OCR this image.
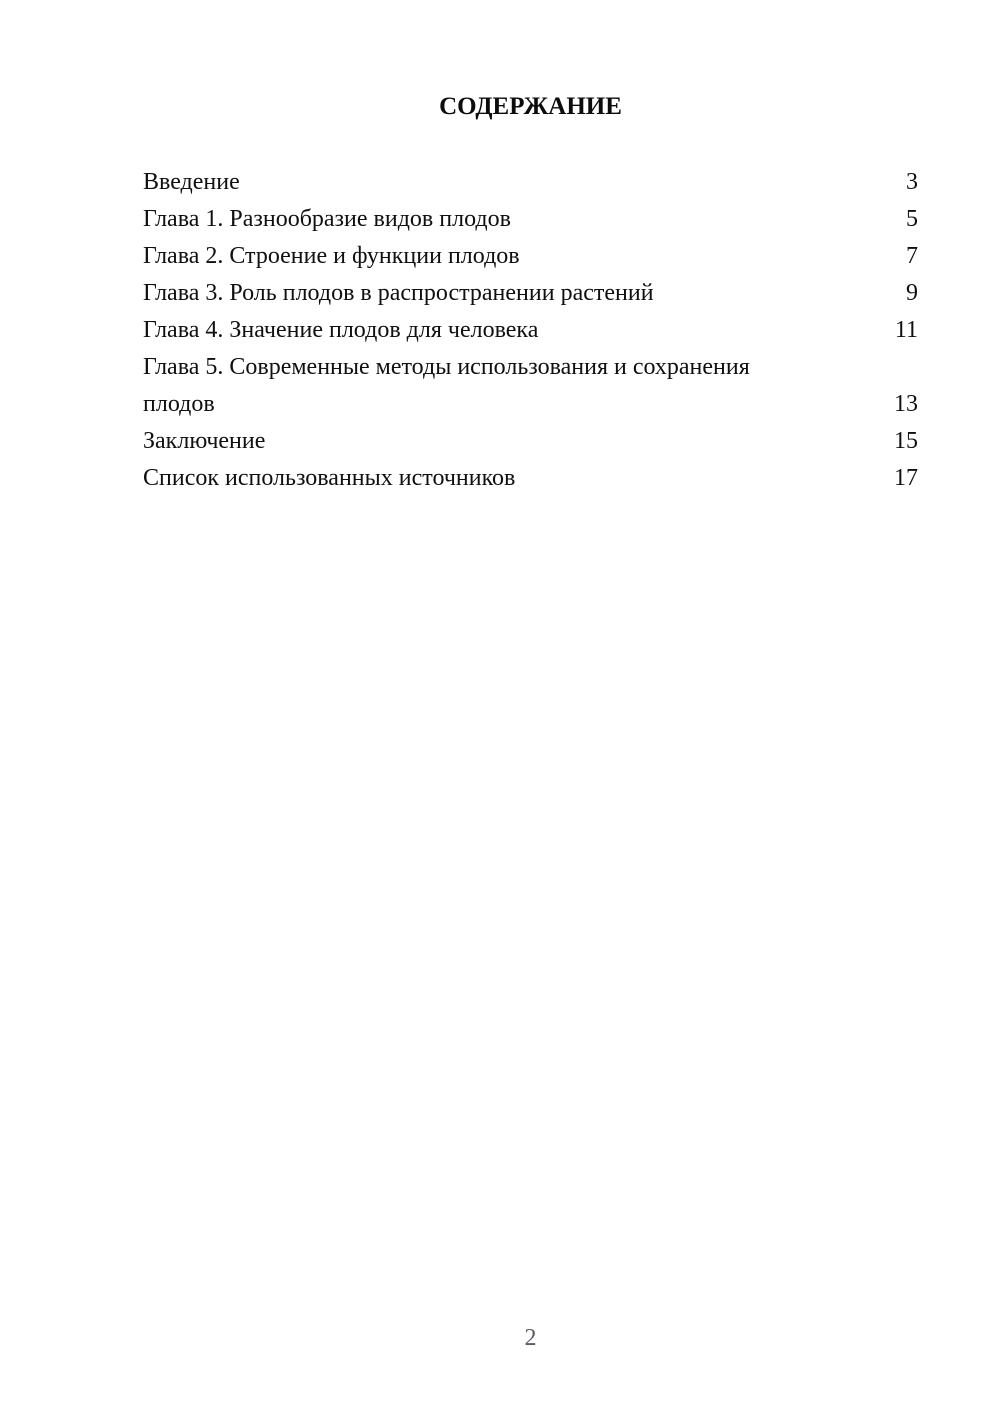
СОДЕРЖАНИЕ
Введение	3
Глава 1. Разнообразие видов плодов	5
Глава 2. Строение и функции плодов	7
Глава 3. Роль плодов в распространении растений	9
Глава 4. Значение плодов для человека	11
Глава 5. Современные методы использования и сохранения плодов	13
Заключение	15
Список использованных источников	17
2
